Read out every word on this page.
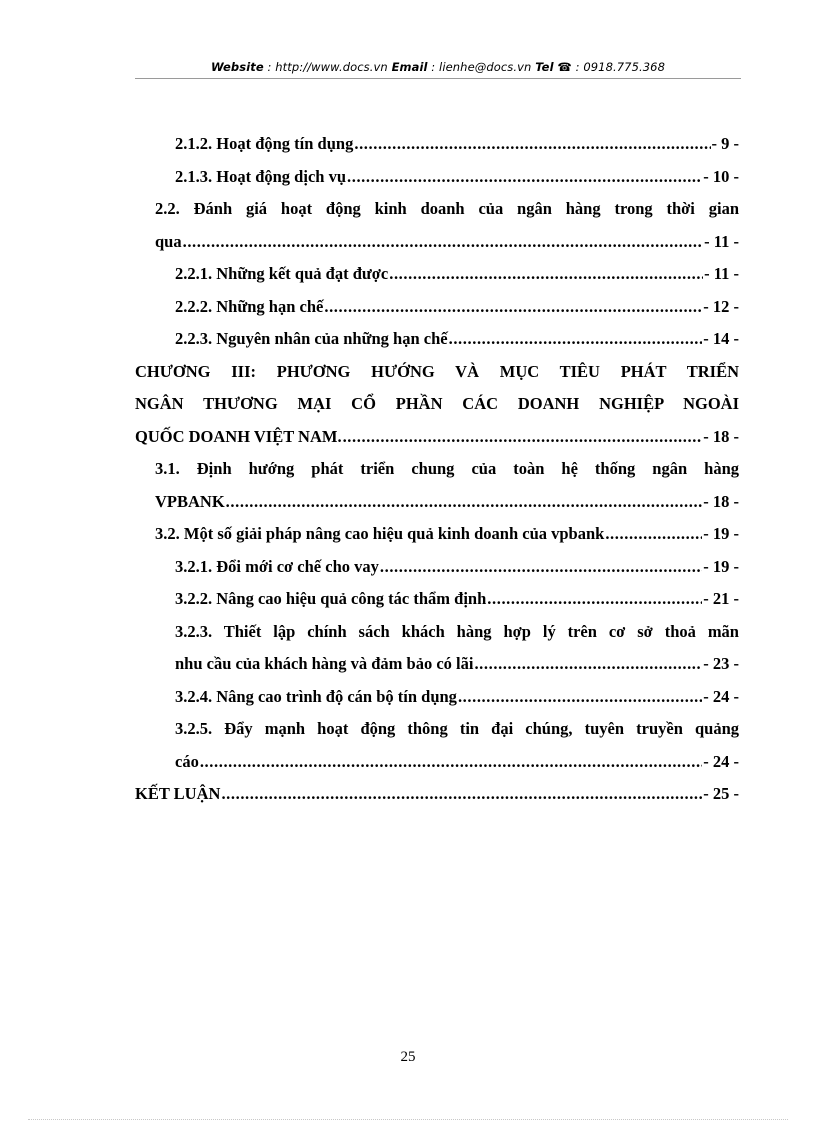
Website : http://www.docs.vn Email : lienhe@docs.vn Tel ☎ : 0918.775.368
2.1.2. Hoạt động tín dụng .....	- 9 -
2.1.3. Hoạt động dịch vụ .....	- 10 -
2.2. Đánh giá hoạt động kinh doanh của ngân hàng trong thời gian
qua .....	- 11 -
2.2.1. Những kết quả đạt được .....	- 11 -
2.2.2. Những hạn chế .....	- 12 -
2.2.3. Nguyên nhân của những hạn chế .....	- 14 -
CHƯƠNG III: PHƯƠNG HƯỚNG VÀ MỤC TIÊU PHÁT TRIỂN
NGÂN THƯƠNG MẠI CỔ PHẦN CÁC DOANH NGHIỆP NGOÀI
QUỐC DOANH VIỆT NAM. .....	- 18 -
3.1. Định hướng phát triển chung của toàn hệ thống ngân hàng
VPBANK .....	- 18 -
3.2. Một số giải pháp nâng cao hiệu quả kinh doanh của vpbank .....	- 19 -
3.2.1. Đổi mới cơ chế cho vay .....	- 19 -
3.2.2. Nâng cao hiệu quả công tác thẩm định .....	- 21 -
3.2.3. Thiết lập chính sách khách hàng hợp lý trên cơ sở thoả mãn
nhu cầu của khách hàng và đảm bảo có lãi .....	- 23 -
3.2.4. Nâng cao trình độ cán bộ tín dụng .....	- 24 -
3.2.5. Đẩy mạnh hoạt động thông tin đại chúng, tuyên truyền quảng
cáo .....	- 24 -
KẾT LUẬN .....	- 25 -
25
